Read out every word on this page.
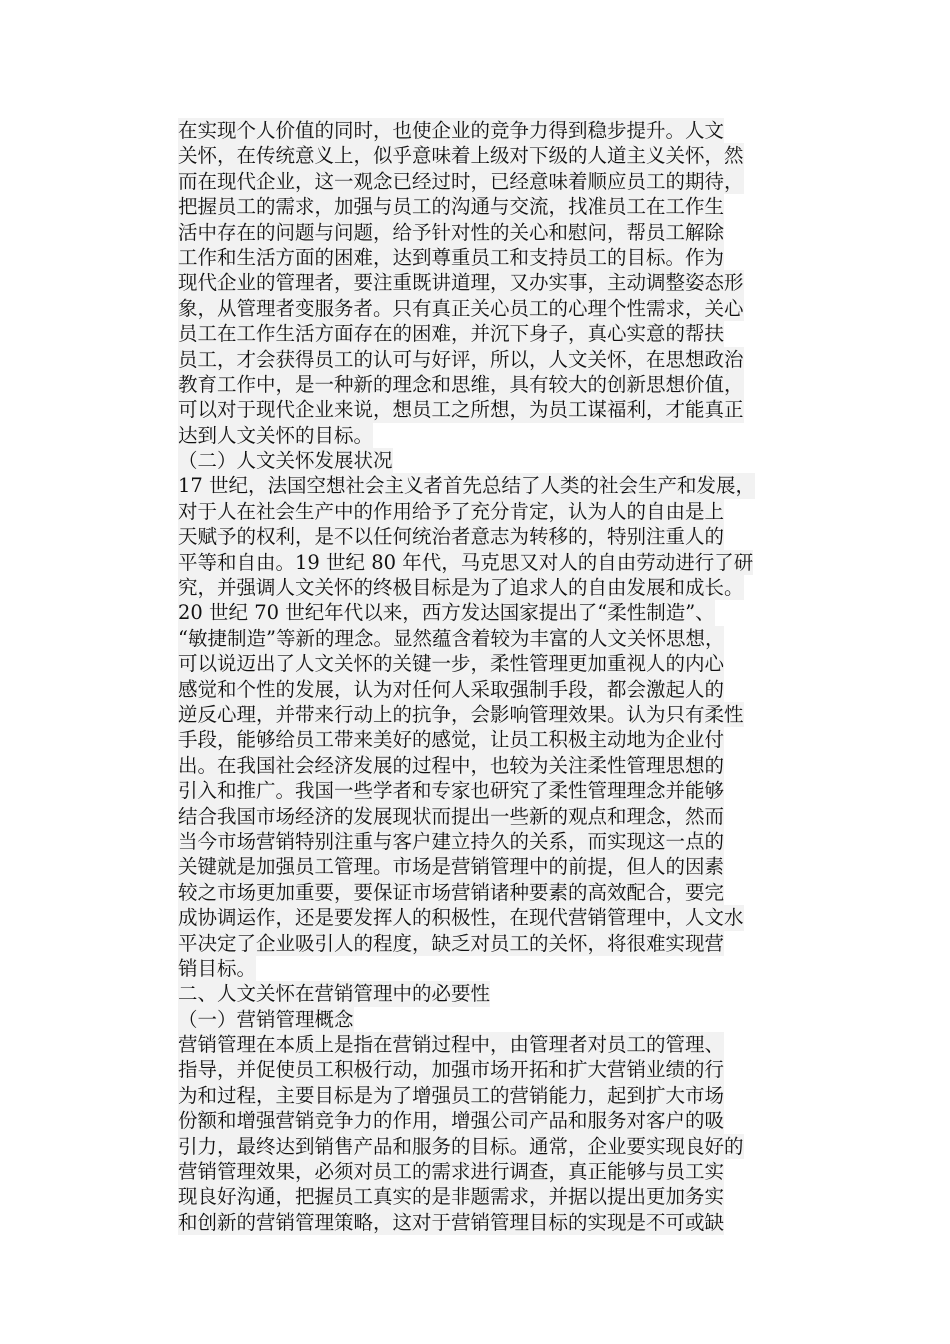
在实现个人价值的同时，也使企业的竞争力得到稳步提升。人文
关怀，在传统意义上，似乎意味着上级对下级的人道主义关怀，然
而在现代企业，这一观念已经过时，已经意味着顺应员工的期待，
把握员工的需求，加强与员工的沟通与交流，找准员工在工作生
活中存在的问题与问题，给予针对性的关心和慰问，帮员工解除
工作和生活方面的困难，达到尊重员工和支持员工的目标。作为
现代企业的管理者，要注重既讲道理，又办实事，主动调整姿态形
象，从管理者变服务者。只有真正关心员工的心理个性需求，关心
员工在工作生活方面存在的困难，并沉下身子，真心实意的帮扶
员工，才会获得员工的认可与好评，所以，人文关怀，在思想政治
教育工作中，是一种新的理念和思维，具有较大的创新思想价值，
可以对于现代企业来说，想员工之所想，为员工谋福利，才能真正
达到人文关怀的目标。
（二）人文关怀发展状况
17 世纪，法国空想社会主义者首先总结了人类的社会生产和发展，
对于人在社会生产中的作用给予了充分肯定，认为人的自由是上
天赋予的权利，是不以任何统治者意志为转移的，特别注重人的
平等和自由。19 世纪 80 年代，马克思又对人的自由劳动进行了研
究，并强调人文关怀的终极目标是为了追求人的自由发展和成长。
20 世纪 70 世纪年代以来，西方发达国家提出了“柔性制造”、
“敏捷制造”等新的理念。显然蕴含着较为丰富的人文关怀思想，
可以说迈出了人文关怀的关键一步，柔性管理更加重视人的内心
感觉和个性的发展，认为对任何人采取强制手段，都会激起人的
逆反心理，并带来行动上的抗争，会影响管理效果。认为只有柔性
手段，能够给员工带来美好的感觉，让员工积极主动地为企业付
出。在我国社会经济发展的过程中，也较为关注柔性管理思想的
引入和推广。我国一些学者和专家也研究了柔性管理理念并能够
结合我国市场经济的发展现状而提出一些新的观点和理念，然而
当今市场营销特别注重与客户建立持久的关系，而实现这一点的
关键就是加强员工管理。市场是营销管理中的前提，但人的因素
较之市场更加重要，要保证市场营销诸种要素的高效配合，要完
成协调运作，还是要发挥人的积极性，在现代营销管理中，人文水
平决定了企业吸引人的程度，缺乏对员工的关怀，将很难实现营
销目标。
二、人文关怀在营销管理中的必要性
（一）营销管理概念
营销管理在本质上是指在营销过程中，由管理者对员工的管理、
指导，并促使员工积极行动，加强市场开拓和扩大营销业绩的行
为和过程，主要目标是为了增强员工的营销能力，起到扩大市场
份额和增强营销竞争力的作用，增强公司产品和服务对客户的吸
引力，最终达到销售产品和服务的目标。通常，企业要实现良好的
营销管理效果，必须对员工的需求进行调查，真正能够与员工实
现良好沟通，把握员工真实的是非题需求，并据以提出更加务实
和创新的营销管理策略，这对于营销管理目标的实现是不可或缺
